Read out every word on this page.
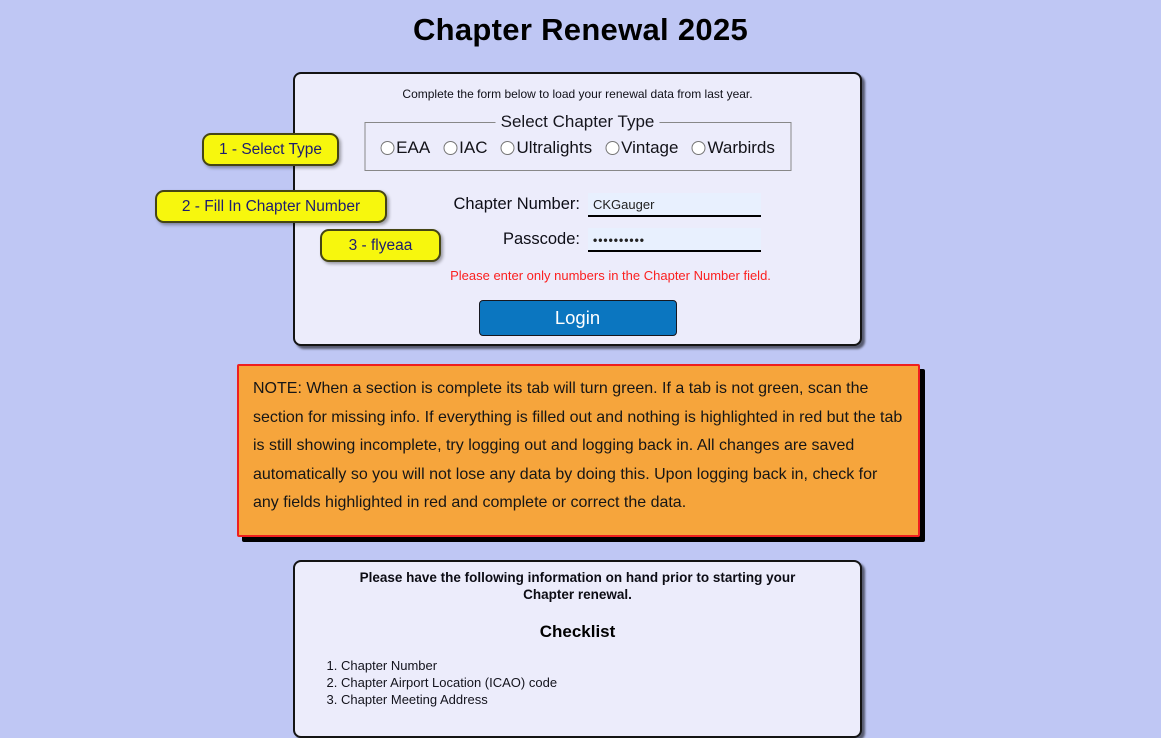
Chapter Renewal 2025
Complete the form below to load your renewal data from last year.
Select Chapter Type
EAA IAC Ultralights Vintage Warbirds
Chapter Number:
CKGauger
Passcode:
••••••••••
Please enter only numbers in the Chapter Number field.
Login
1 - Select Type
2 - Fill In Chapter Number
3 - flyeaa
NOTE: When a section is complete its tab will turn green. If a tab is not green, scan the section for missing info. If everything is filled out and nothing is highlighted in red but the tab is still showing incomplete, try logging out and logging back in. All changes are saved automatically so you will not lose any data by doing this. Upon logging back in, check for any fields highlighted in red and complete or correct the data.
Please have the following information on hand prior to starting your Chapter renewal.
Checklist
1. Chapter Number
2. Chapter Airport Location (ICAO) code
3. Chapter Meeting Address
